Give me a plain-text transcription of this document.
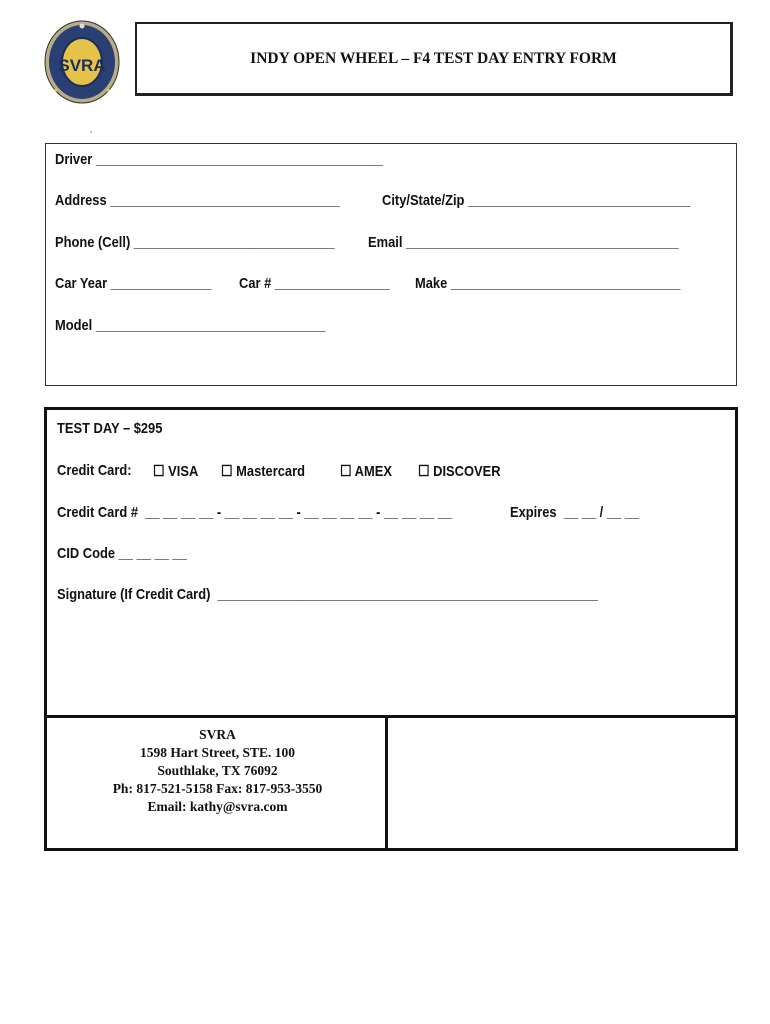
SVRA	INDY OPEN WHEEL – F4 TEST DAY ENTRY FORM
Driver ________________________________________
Address ________________________________	City/State/Zip _______________________________
Phone (Cell) ____________________________ Email ______________________________________
Car Year ______________ Car # ________________ Make ________________________________
Model ________________________________
TEST DAY – $295
Credit Card: ☐ VISA ☐ Mastercard ☐ AMEX ☐ DISCOVER
Credit Card #  __ __ __ __ - __ __ __ __ - __ __ __ __ - __ __ __ __	Expires  __ __ / __ __
CID Code __ __ __ __
Signature (If Credit Card)  _____________________________________________________
SVRA
1598 Hart Street, STE. 100
Southlake, TX 76092
Ph: 817-521-5158 Fax: 817-953-3550
Email: kathy@svra.com
